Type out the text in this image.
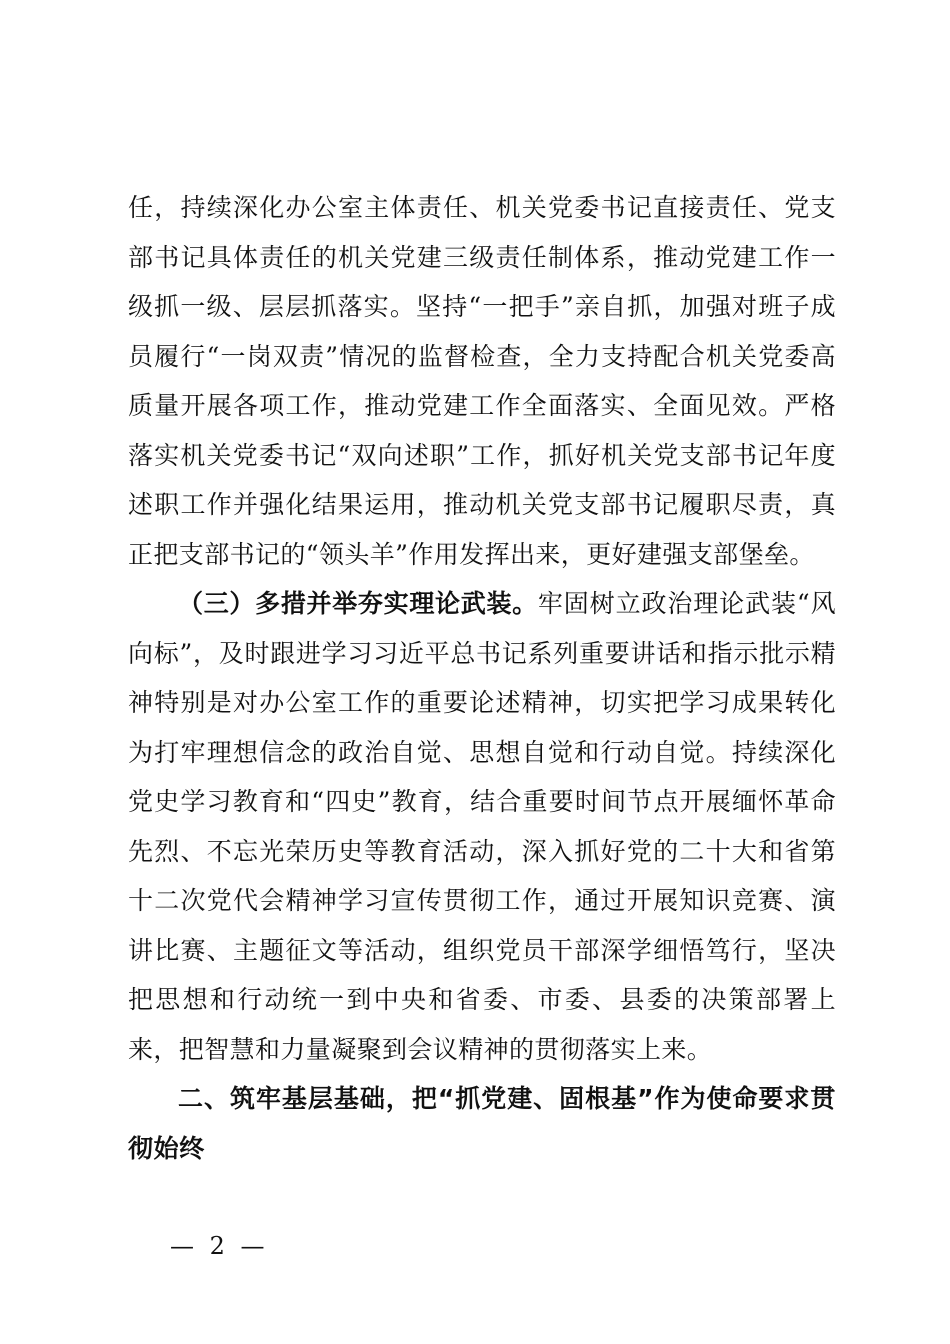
任，持续深化办公室主体责任、机关党委书记直接责任、党支部书记具体责任的机关党建三级责任制体系，推动党建工作一级抓一级、层层抓落实。坚持“一把手”亲自抓，加强对班子成员履行“一岗双责”情况的监督检查，全力支持配合机关党委高质量开展各项工作，推动党建工作全面落实、全面见效。严格落实机关党委书记“双向述职”工作，抓好机关党支部书记年度述职工作并强化结果运用，推动机关党支部书记履职尽责，真正把支部书记的“领头羊”作用发挥出来，更好建强支部堡垒。

（三）多措并举夯实理论武装。牢固树立政治理论武装“风向标”，及时跟进学习习近平总书记系列重要讲话和指示批示精神特别是对办公室工作的重要论述精神，切实把学习成果转化为打牢理想信念的政治自觉、思想自觉和行动自觉。持续深化党史学习教育和“四史”教育，结合重要时间节点开展缅怀革命先烈、不忘光荣历史等教育活动，深入抓好党的二十大和省第十二次党代会精神学习宣传贯彻工作，通过开展知识竞赛、演讲比赛、主题征文等活动，组织党员干部深学细悟笃行，坚决把思想和行动统一到中央和省委、市委、县委的决策部署上来，把智慧和力量凝聚到会议精神的贯彻落实上来。

二、筑牢基层基础，把“抓党建、固根基”作为使命要求贯彻始终

— 2 —
